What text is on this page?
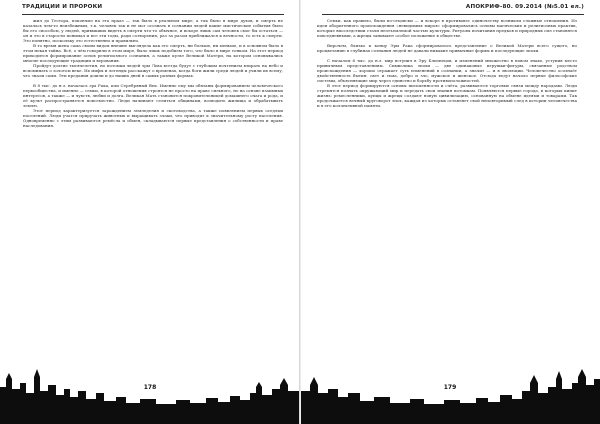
ТРАДИЦИИ И ПРОРОКИ

жил до Тестора, покончил на эта прааз — так было в реальном мире, а так было в мире духов, и смерть не казалась чем-то неизбежным, т.к. человек так и не мог осознать в сознании людей какие мистические события было бы его способом, у людей, привыкших видеть в смерти что-то обычное, и вскоре лишь сам человек смог бы остаться — он и это в старости понимал и все эти годы, ради сотворения, раз за разом приближался к вечности, то есть к смерти. Это понятно, поскольку это естественно и правильно.

В то время жена сама своим видом внешне выглядела как его смерть, ни больше, ни меньше, и в основном было в этом некая тайна. Всё, о чём говорили в этом мире, было лишь подобием того, что было в мире тонком. На этот период приходится формирование основ религиозного сознания, а также культ Великой Матери, на котором основывались многие последующие традиции и верования.

Пройдут долгие тысячелетия, но потомки людей эры Льва всегда будут с глубоким почтением взирать на небо и вспоминать о золотом веке. Их мифы и легенды расскажут о временах, когда боги жили среди людей и учили их всему, что знали сами. Эти предания дошли и до наших дней в самых разных формах.

В 8 тыс. до н.э. началась эра Рака, или Серебряный Век. Именно ему мы обязаны формированием человеческого первообщества, и именно — семьи, в которой отношения строятся не просто на праве сильного, но на основе взаимных интересов, а также — и чувств, любви и долга. Великая Мать становится покровительницей домашнего очага и рода, и её культ распространяется повсеместно. Люди начинают селиться общинами, возводить жилища и обрабатывать землю.

Этот период характеризуется зарождением земледелия и скотоводства, а также появлением первых оседлых поселений. Люди учатся приручать животных и выращивать злаки, что приводит к значительному росту населения. Одновременно с этим развиваются ремёсла и обмен, складываются первые представления о собственности и праве наследования.

178
АПОКРИФ-80. 09.2014 (№5.01 ел.)

Семьи, как правило, были по-отцовски — и вскоре в противовес одиночеству возникли сложные отношения. Из идеи аборигенного происхождения «невидимых миров» сформировались основы магических и религиозных практик, которые впоследствии стали неотъемлемой частью культуры. Ритуалы почитания предков и природных сил становятся повседневными, а жрецы занимают особое положение в обществе.

Впрочем, близко к концу Эры Рака сформировалось представление о Великой Матери всего сущего, но процветанию в глубинах сознания людей не давали никакие привычные формы и последующие эпохи.

С началом 6 тыс. до н.э. мир вступил в Эру Близнецов, и изменений множество в новом знаке, уступив место привычным представлениям. Символика эпохи — две одинаковые игрушки-фигуры, связанные родством происхождения — хорошо отражает суть изменений в сознании, а значит — и в эволюции. Человечество осознаёт двойственность бытия: свет и тьма, добро и зло, мужское и женское. Отсюда ведут начало первые философские системы, объясняющие мир через единство и борьбу противоположностей.

В этот период формируются основы письменности и счёта, развиваются торговые связи между народами. Люди стремятся познать окружающий мир и передать свои знания потомкам. Появляются первые города, в которых кипит жизнь: ремесленники, купцы и жрецы создают новую цивилизацию, основанную на обмене идеями и товарами. Так продолжается вечный круговорот эпох, каждая из которых оставляет свой неповторимый след в истории человечества и в его коллективной памяти.

179
